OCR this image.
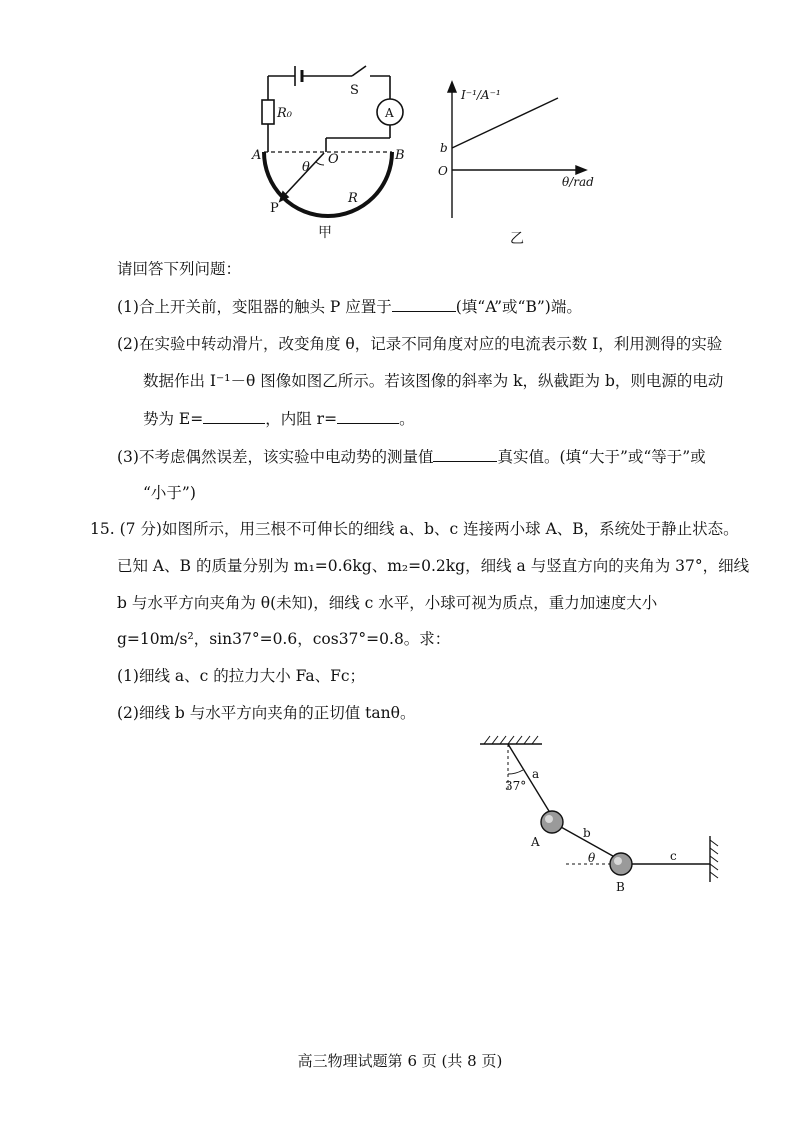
S
A
R₀
A	B
O
θ
P
R
甲
I⁻¹/A⁻¹
b
O
θ/rad
乙
请回答下列问题：
(1)合上开关前，变阻器的触头 P 应置于	(填“A”或“B”)端。
(2)在实验中转动滑片，改变角度 θ，记录不同角度对应的电流表示数 I，利用测得的实验
数据作出 I⁻¹－θ 图像如图乙所示。若该图像的斜率为 k，纵截距为 b，则电源的电动
势为 E=	，内阻 r=	。
(3)不考虑偶然误差，该实验中电动势的测量值	真实值。(填“大于”或“等于”或
“小于”)
15. (7 分)如图所示，用三根不可伸长的细线 a、b、c 连接两小球 A、B，系统处于静止状态。
已知 A、B 的质量分别为 m₁=0.6kg、m₂=0.2kg，细线 a 与竖直方向的夹角为 37°，细线
b 与水平方向夹角为 θ(未知)，细线 c 水平，小球可视为质点，重力加速度大小
g=10m/s²，sin37°=0.6，cos37°=0.8。求：
(1)细线 a、c 的拉力大小 Fa、Fc；
(2)细线 b 与水平方向夹角的正切值 tanθ。
37°
a
b
c
A
B
θ
高三物理试题第 6 页 (共 8 页)
